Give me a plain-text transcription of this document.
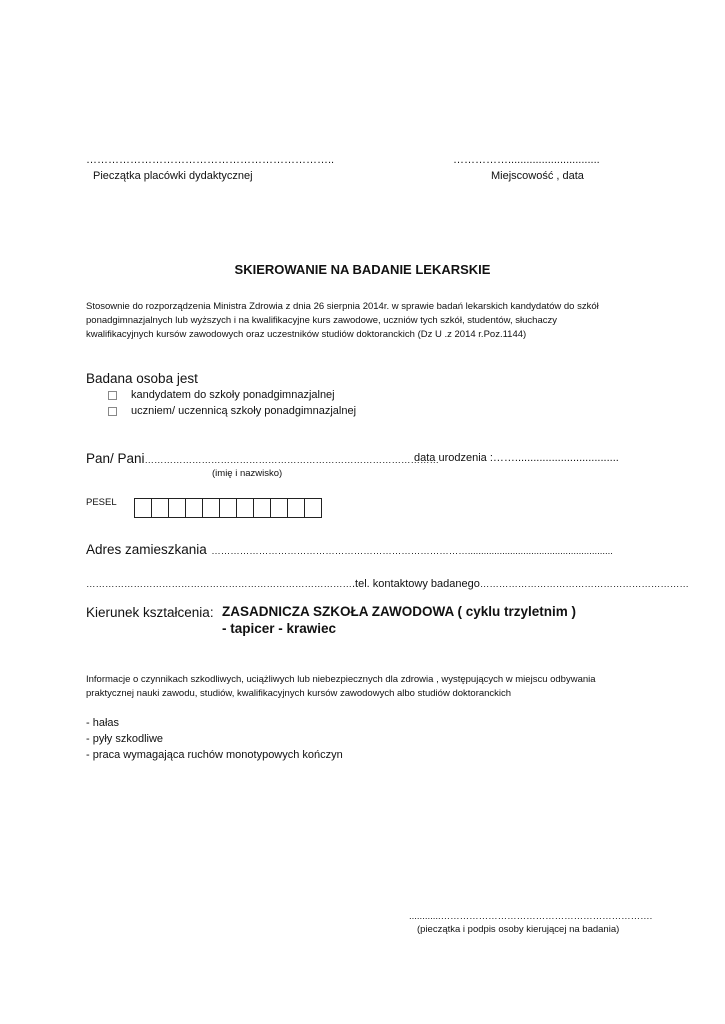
…………………………………………………………..
Pieczątka placówki dydaktycznej
……………..............................
Miejscowość , data
SKIEROWANIE NA BADANIE LEKARSKIE
Stosownie do rozporządzenia Ministra Zdrowia z dnia 26 sierpnia 2014r. w sprawie badań lekarskich kandydatów do szkół
ponadgimnazjalnych lub wyższych i na kwalifikacyjne kurs zawodowe, uczniów tych szkół, studentów, słuchaczy
kwalifikacyjnych kursów zawodowych oraz uczestników studiów doktoranckich (Dz U .z 2014 r.Poz.1144)
Badana osoba jest
kandydatem do szkoły ponadgimnazjalnej
uczniem/ uczennicą szkoły ponadgimnazjalnej
Pan/ Pani…………………………………………………………………………………
data urodzenia :……..................................
(imię i nazwisko)
PESEL
Adres zamieszkania ……………………………………………………………………….......................................................
………………………………………………………………………….tel. kontaktowy badanego…………………………………………………………
Kierunek kształcenia: ZASADNICZA SZKOŁA ZAWODOWA ( cyklu trzyletnim )
- tapicer - krawiec
Informacje o czynnikach szkodliwych, uciążliwych lub niebezpiecznych dla zdrowia , występujących w miejscu odbywania
praktycznej nauki zawodu, studiów, kwalifikacyjnych kursów zawodowych albo studiów doktoranckich
- hałas
- pyły szkodliwe
- praca wymagająca ruchów monotypowych kończyn
............………………………………………………………….
(pieczątka i podpis osoby kierującej na badania)
